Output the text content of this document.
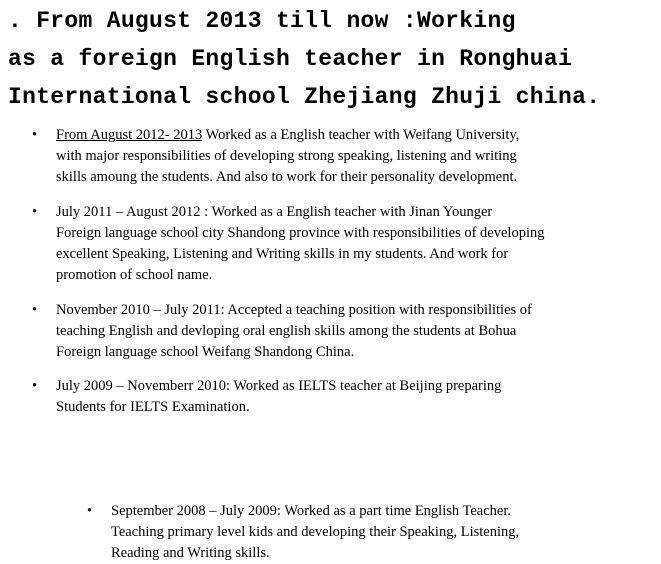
. From August 2013 till now :Working
as a foreign English teacher in Ronghuai
International school Zhejiang Zhuji china.
• From August 2012- 2013 Worked as a English teacher with Weifang University,
with major responsibilities of developing strong speaking, listening and writing
skills amoung the students. And also to work for their personality development.
• July 2011 – August 2012 : Worked as a English teacher with Jinan Younger
Foreign language school city Shandong province with responsibilities of developing
excellent Speaking, Listening and Writing skills in my students. And work for
promotion of school name.
• November 2010 – July 2011: Accepted a teaching position with responsibilities of
teaching English and devloping oral english skills among the students at Bohua
Foreign language school Weifang Shandong China.
• July 2009 – Novemberr 2010: Worked as IELTS teacher at Beijing preparing
Students for IELTS Examination.
• September 2008 – July 2009: Worked as a part time English Teacher.
Teaching primary level kids and developing their Speaking, Listening,
Reading and Writing skills.
